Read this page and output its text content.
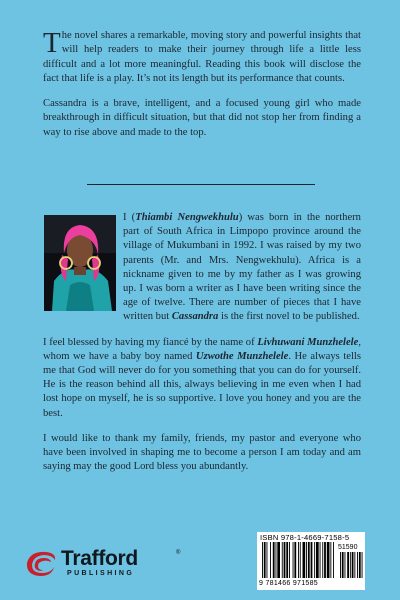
The novel shares a remarkable, moving story and powerful insights that will help readers to make their journey through life a little less difficult and a lot more meaningful. Reading this book will disclose the fact that life is a play. It’s not its length but its performance that counts.

Cassandra is a brave, intelligent, and a focused young girl who made breakthrough in difficult situation, but that did not stop her from finding a way to rise above and made to the top.

I (Thiambi Nengwekhulu) was born in the northern part of South Africa in Limpopo province around the village of Mukumbani in 1992. I was raised by my two parents (Mr. and Mrs. Nengwekhulu). Africa is a nickname given to me by my father as I was growing up. I was born a writer as I have been writing since the age of twelve. There are number of pieces that I have written but Cassandra is the first novel to be published.

I feel blessed by having my fiancé by the name of Livhuwani Munzhelele, whom we have a baby boy named Uzwothe Munzhelele. He always tells me that God will never do for you something that you can do for yourself. He is the reason behind all this, always believing in me even when I had lost hope on myself, he is so supportive. I love you honey and you are the best.

I would like to thank my family, friends, my pastor and everyone who have been involved in shaping me to become a person I am today and am saying may the good Lord bless you abundantly.

ISBN 978-1-4669-7158-5
51590
9 781466 971585
Trafford	®
PUBLISHING
